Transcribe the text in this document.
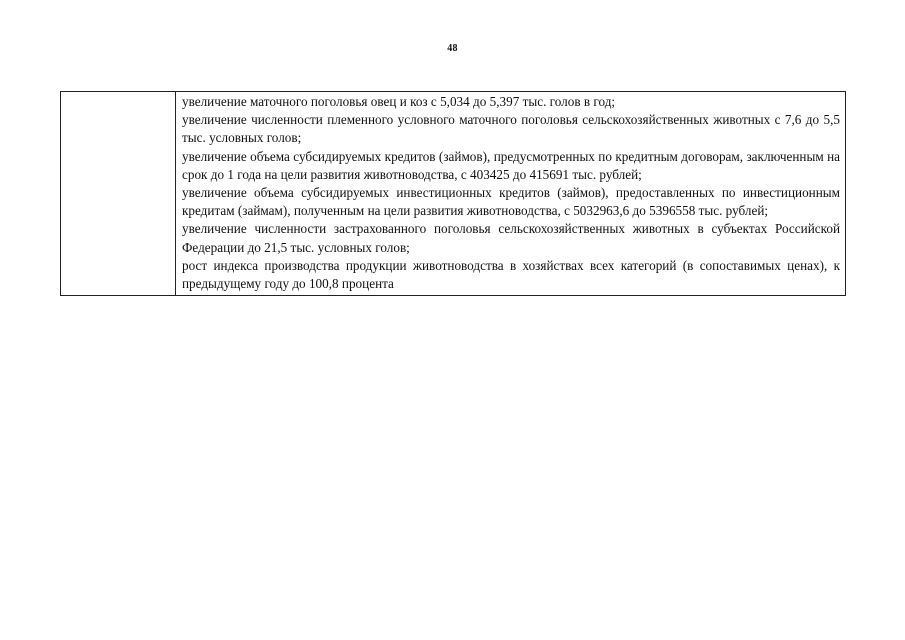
48

увеличение маточного поголовья овец и коз с 5,034 до 5,397 тыс. голов в год;

увеличение численности племенного условного маточного поголовья сельскохозяйственных животных с 7,6 до 5,5 тыс. условных голов;

увеличение объема субсидируемых кредитов (займов), предусмотренных по кредитным договорам, заключенным на срок до 1 года на цели развития животноводства, с 403425 до 415691 тыс. рублей;

увеличение объема субсидируемых инвестиционных кредитов (займов), предоставленных по инвестиционным кредитам (займам), полученным на цели развития животноводства, с 5032963,6 до 5396558 тыс. рублей;

увеличение численности застрахованного поголовья сельскохозяйственных животных в субъектах Российской Федерации до 21,5 тыс. условных голов;

рост индекса производства продукции животноводства в хозяйствах всех категорий (в сопоставимых ценах), к предыдущему году до 100,8 процента
